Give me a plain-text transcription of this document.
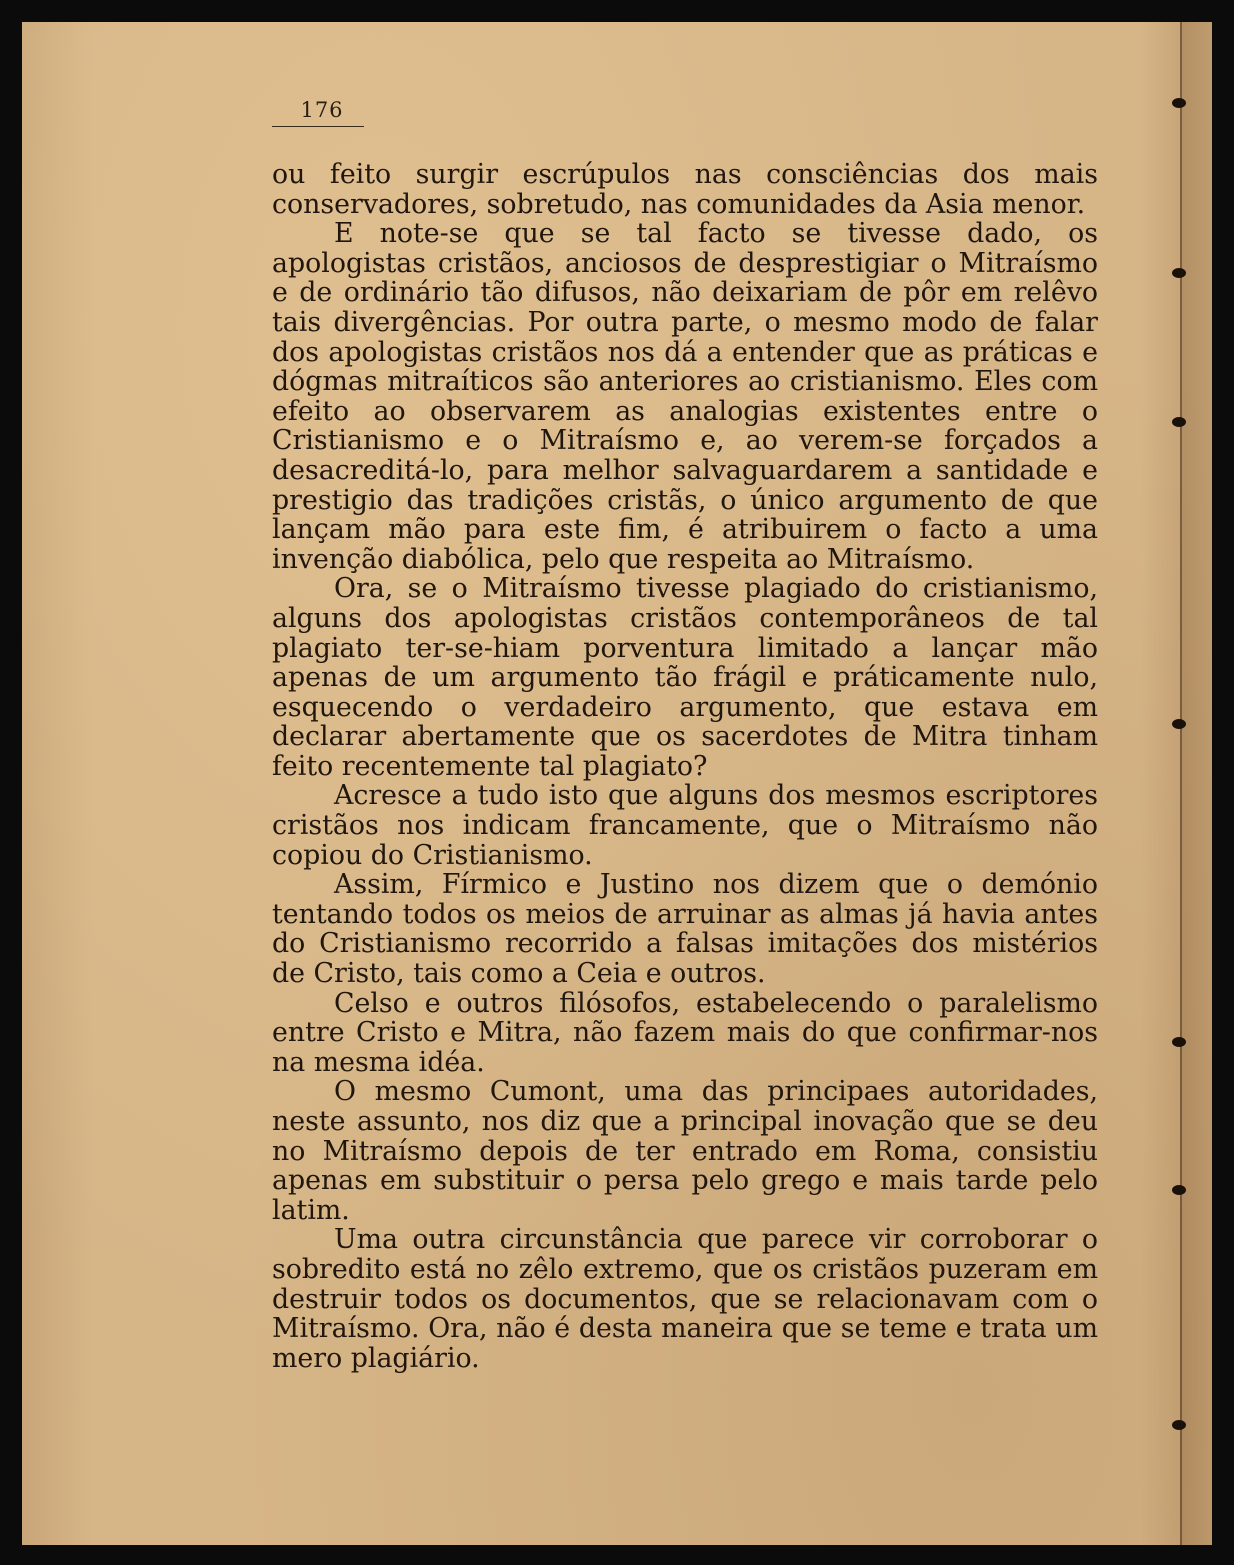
176

ou feito surgir escrúpulos nas consciências dos mais conservadores, sobretudo, nas comunidades da Asia menor.

E note-se que se tal facto se tivesse dado, os apologistas cristãos, anciosos de desprestigiar o Mitraísmo e de ordinário tão difusos, não deixariam de pôr em relêvo tais divergências. Por outra parte, o mesmo modo de falar dos apologistas cristãos nos dá a entender que as práticas e dógmas mitraíticos são anteriores ao cristianismo. Eles com efeito ao observarem as analogias existentes entre o Cristianismo e o Mitraísmo e, ao verem-se forçados a desacreditá-lo, para melhor salvaguardarem a santidade e prestigio das tradições cristãs, o único argumento de que lançam mão para este fim, é atribuirem o facto a uma invenção diabólica, pelo que respeita ao Mitraísmo.

Ora, se o Mitraísmo tivesse plagiado do cristianismo, alguns dos apologistas cristãos contemporâneos de tal plagiato ter-se-hiam porventura limitado a lançar mão apenas de um argumento tão frágil e práticamente nulo, esquecendo o verdadeiro argumento, que estava em declarar abertamente que os sacerdotes de Mitra tinham feito recentemente tal plagiato?

Acresce a tudo isto que alguns dos mesmos escriptores cristãos nos indicam francamente, que o Mitraísmo não copiou do Cristianismo.

Assim, Fírmico e Justino nos dizem que o demónio tentando todos os meios de arruinar as almas já havia antes do Cristianismo recorrido a falsas imitações dos mistérios de Cristo, tais como a Ceia e outros.

Celso e outros filósofos, estabelecendo o paralelismo entre Cristo e Mitra, não fazem mais do que confirmar-nos na mesma idéa.

O mesmo Cumont, uma das principaes autoridades, neste assunto, nos diz que a principal inovação que se deu no Mitraísmo depois de ter entrado em Roma, consistiu apenas em substituir o persa pelo grego e mais tarde pelo latim.

Uma outra circunstância que parece vir corroborar o sobredito está no zêlo extremo, que os cristãos puzeram em destruir todos os documentos, que se relacionavam com o Mitraísmo. Ora, não é desta maneira que se teme e trata um mero plagiário.
